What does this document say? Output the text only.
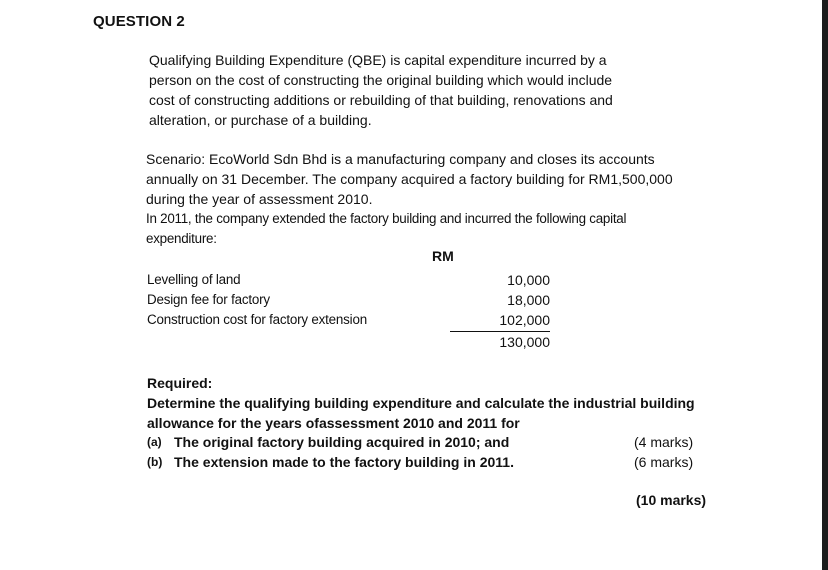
QUESTION 2

Qualifying Building Expenditure (QBE) is capital expenditure incurred by a

person on the cost of constructing the original building which would include

cost of constructing additions or rebuilding of that building, renovations and

alteration, or purchase of a building.

Scenario: EcoWorld Sdn Bhd is a manufacturing company and closes its accounts

annually on 31 December. The company acquired a factory building for RM1,500,000

during the year of assessment 2010.

In 2011, the company extended the factory building and incurred the following capital

expenditure:

RM
Levelling of land
Design fee for factory
Construction cost for factory extension
10,000
18,000
102,000
130,000

Required:

Determine the qualifying building expenditure and calculate the industrial building

allowance for the years ofassessment 2010 and 2011 for

(a) The original factory building acquired in 2010; and	(4 marks)
(b) The extension made to the factory building in 2011.	(6 marks)
(10 marks)
